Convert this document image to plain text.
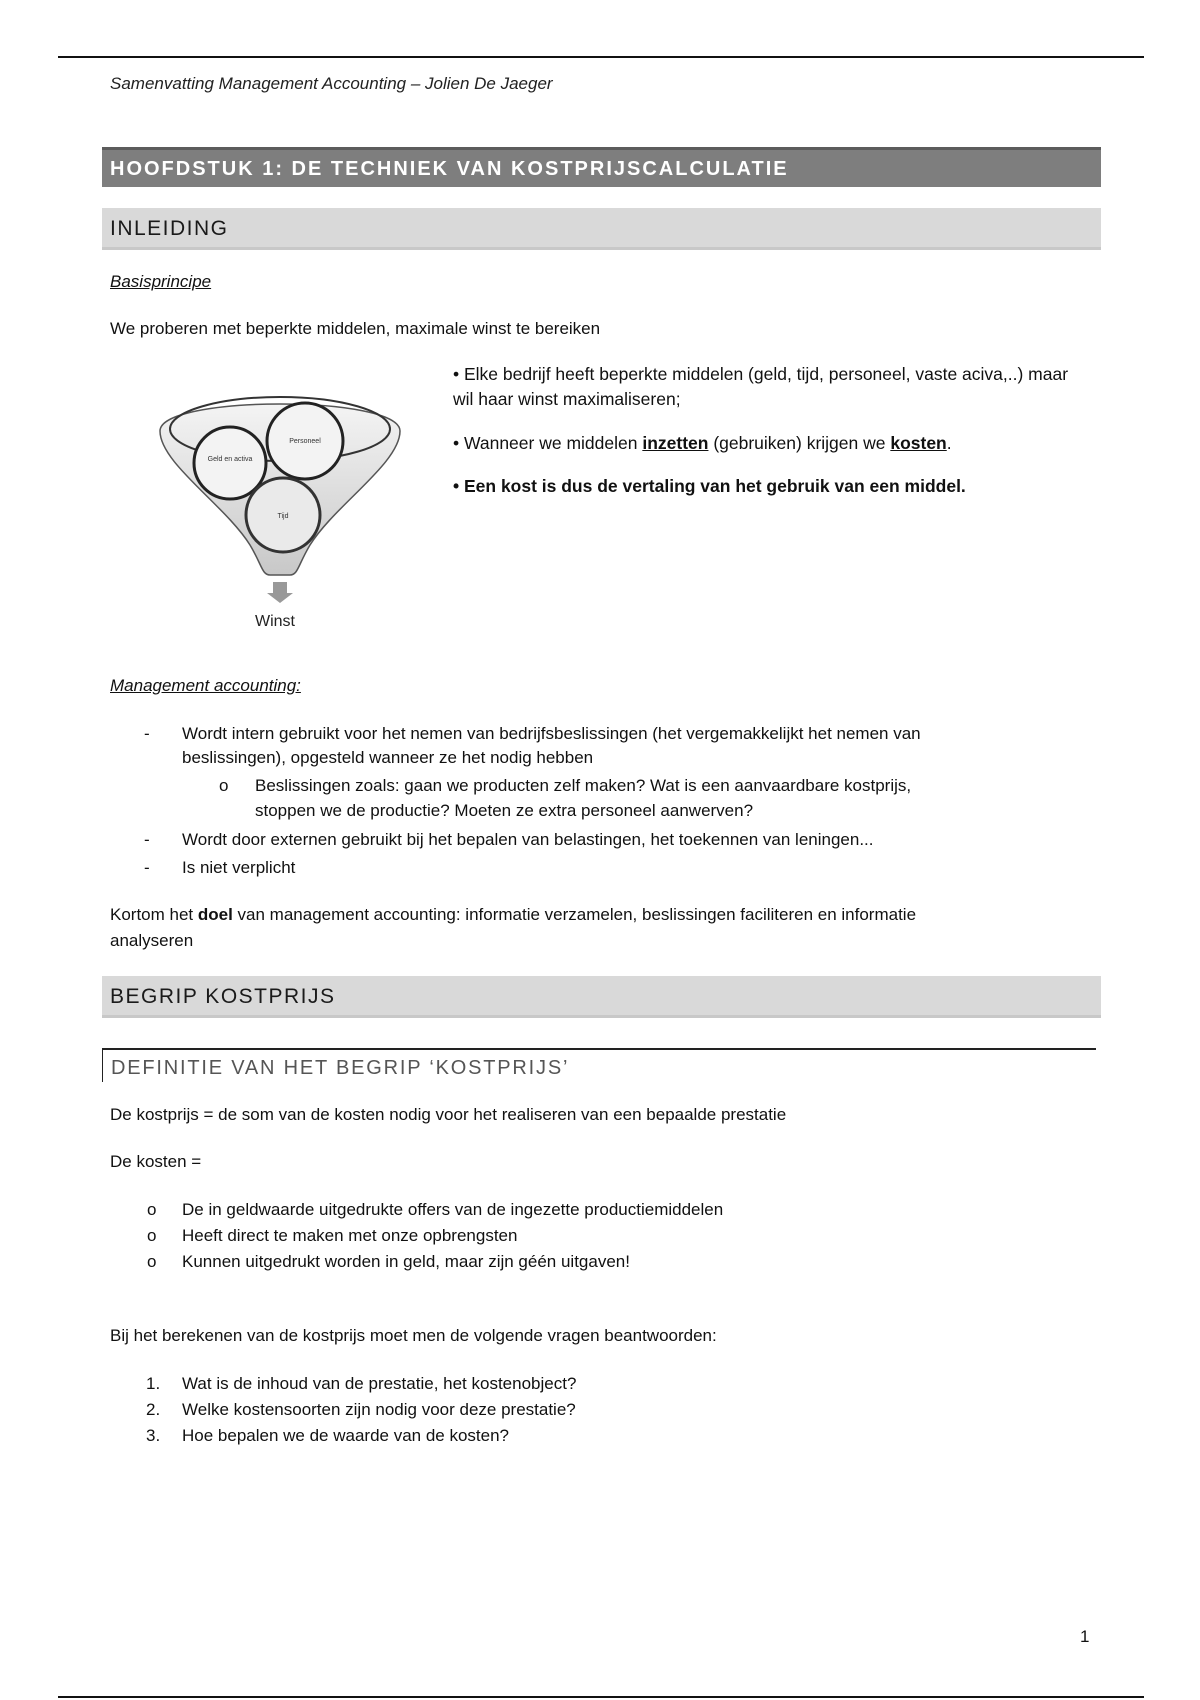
Samenvatting Management Accounting – Jolien De Jaeger
HOOFDSTUK 1: DE TECHNIEK VAN KOSTPRIJSCALCULATIE
INLEIDING
Basisprincipe
We proberen met beperkte middelen, maximale winst te bereiken
Geld en activa
Personeel
Tijd
Winst

• Elke bedrijf heeft beperkte middelen (geld, tijd, personeel, vaste aciva,..) maar wil haar winst maximaliseren;

• Wanneer we middelen inzetten (gebruiken) krijgen we kosten.

• Een kost is dus de vertaling van het gebruik van een middel.

Management accounting:
- Wordt intern gebruikt voor het nemen van bedrijfsbeslissingen (het vergemakkelijkt het nemen van
beslissingen), opgesteld wanneer ze het nodig hebben
o Beslissingen zoals: gaan we producten zelf maken? Wat is een aanvaardbare kostprijs,
stoppen we de productie? Moeten ze extra personeel aanwerven?
- Wordt door externen gebruikt bij het bepalen van belastingen, het toekennen van leningen...
- Is niet verplicht
Kortom het doel van management accounting: informatie verzamelen, beslissingen faciliteren en informatie
analyseren
BEGRIP KOSTPRIJS
DEFINITIE VAN HET BEGRIP ‘KOSTPRIJS’
De kostprijs = de som van de kosten nodig voor het realiseren van een bepaalde prestatie
De kosten =
o De in geldwaarde uitgedrukte offers van de ingezette productiemiddelen
o Heeft direct te maken met onze opbrengsten
o Kunnen uitgedrukt worden in geld, maar zijn géén uitgaven!
Bij het berekenen van de kostprijs moet men de volgende vragen beantwoorden:
1. Wat is de inhoud van de prestatie, het kostenobject?
2. Welke kostensoorten zijn nodig voor deze prestatie?
3. Hoe bepalen we de waarde van de kosten?
1
